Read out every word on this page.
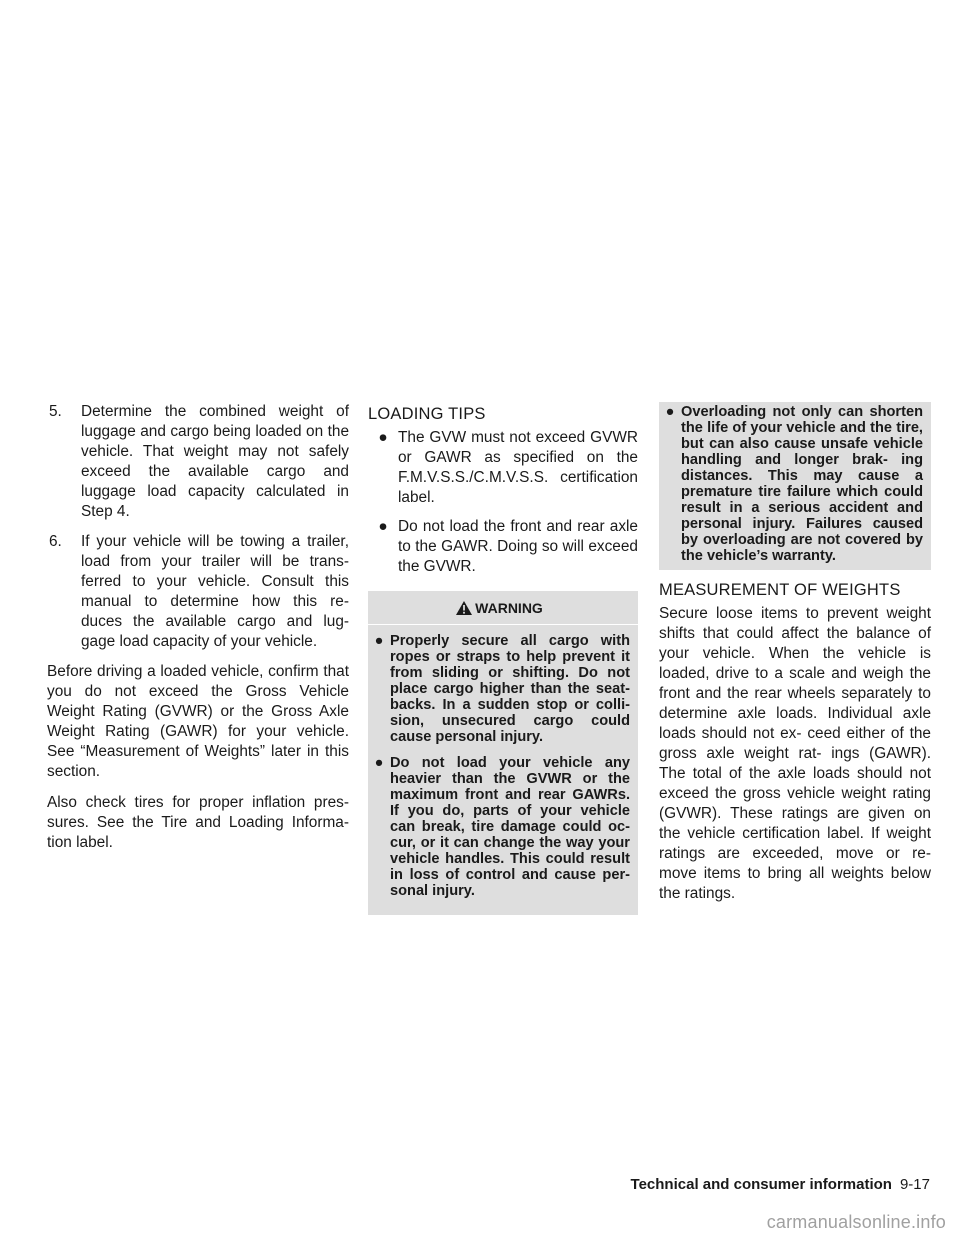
5.	Determine the combined weight of luggage and cargo being loaded on the vehicle. That weight may not safely exceed the available cargo and luggage load capacity calculated in Step 4.
6.	If your vehicle will be towing a trailer, load from your trailer will be trans- ferred to your vehicle. Consult this manual to determine how this re- duces the available cargo and lug- gage load capacity of your vehicle.

Before driving a loaded vehicle, confirm that you do not exceed the Gross Vehicle Weight Rating (GVWR) or the Gross Axle Weight Rating (GAWR) for your vehicle. See “Measurement of Weights” later in this section.

Also check tires for proper inflation pres- sures. See the Tire and Loading Informa- tion label.

LOADING TIPS
● The GVW must not exceed GVWR or GAWR as specified on the F.M.V.S.S./C.M.V.S.S. certification label.
● Do not load the front and rear axle to the GAWR. Doing so will exceed the GVWR.
WARNING
● Properly secure all cargo with ropes or straps to help prevent it from sliding or shifting. Do not place cargo higher than the seat- backs. In a sudden stop or colli- sion, unsecured cargo could cause personal injury.
● Do not load your vehicle any heavier than the GVWR or the maximum front and rear GAWRs. If you do, parts of your vehicle can break, tire damage could oc- cur, or it can change the way your vehicle handles. This could result in loss of control and cause per- sonal injury.
● Overloading not only can shorten the life of your vehicle and the tire, but can also cause unsafe vehicle handling and longer brak- ing distances. This may cause a premature tire failure which could result in a serious accident and personal injury. Failures caused by overloading are not covered by the vehicle’s warranty.
MEASUREMENT OF WEIGHTS

Secure loose items to prevent weight shifts that could affect the balance of your vehicle. When the vehicle is loaded, drive to a scale and weigh the front and the rear wheels separately to determine axle loads. Individual axle loads should not ex- ceed either of the gross axle weight rat- ings (GAWR). The total of the axle loads should not exceed the gross vehicle weight rating (GVWR). These ratings are given on the vehicle certification label. If weight ratings are exceeded, move or re- move items to bring all weights below the ratings.

Technical and consumer information 9-17
carmanualsonline.info
